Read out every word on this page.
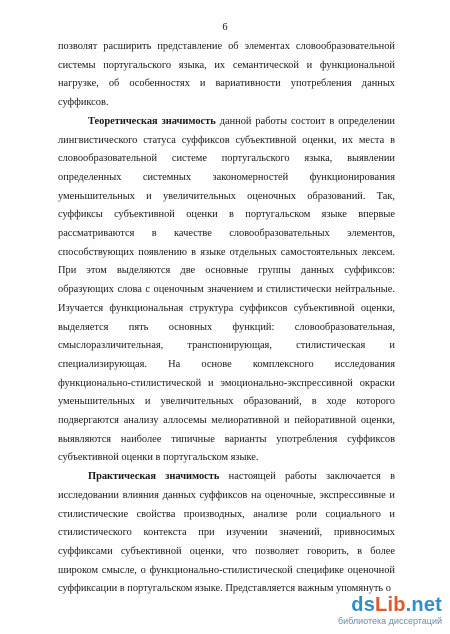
6

позволят расширить представление об элементах словообразовательной системы португальского языка, их семантической и функциональной нагрузке, об особенностях и вариативности употребления данных суффиксов.

Теоретическая значимость данной работы состоит в определении лингвистического статуса суффиксов субъективной оценки, их места в словообразовательной системе португальского языка, выявлении определенных системных закономерностей функционирования уменьшительных и увеличительных оценочных образований. Так, суффиксы субъективной оценки в португальском языке впервые рассматриваются в качестве словообразовательных элементов, способствующих появлению в языке отдельных самостоятельных лексем. При этом выделяются две основные группы данных суффиксов: образующих слова с оценочным значением и стилистически нейтральные. Изучается функциональная структура суффиксов субъективной оценки, выделяется пять основных функций: словообразовательная, смыслоразличительная, транспонирующая, стилистическая и специализирующая. На основе комплексного исследования функционально-стилистической и эмоционально-экспрессивной окраски уменьшительных и увеличительных образований, в ходе которого подвергаются анализу аллосемы мелиоративной и пейоративной оценки, выявляются наиболее типичные варианты употребления суффиксов субъективной оценки в португальском языке.

Практическая значимость настоящей работы заключается в исследовании влияния данных суффиксов на оценочные, экспрессивные и стилистические свойства производных, анализе роли социального и стилистического контекста при изучении значений, привносимых суффиксами субъективной оценки, что позволяет говорить, в более широком смысле, о функционально-стилистической специфике оценочной суффиксации в португальском языке. Представляется важным упомянуть о

dsLib.net
библиотека диссертаций
